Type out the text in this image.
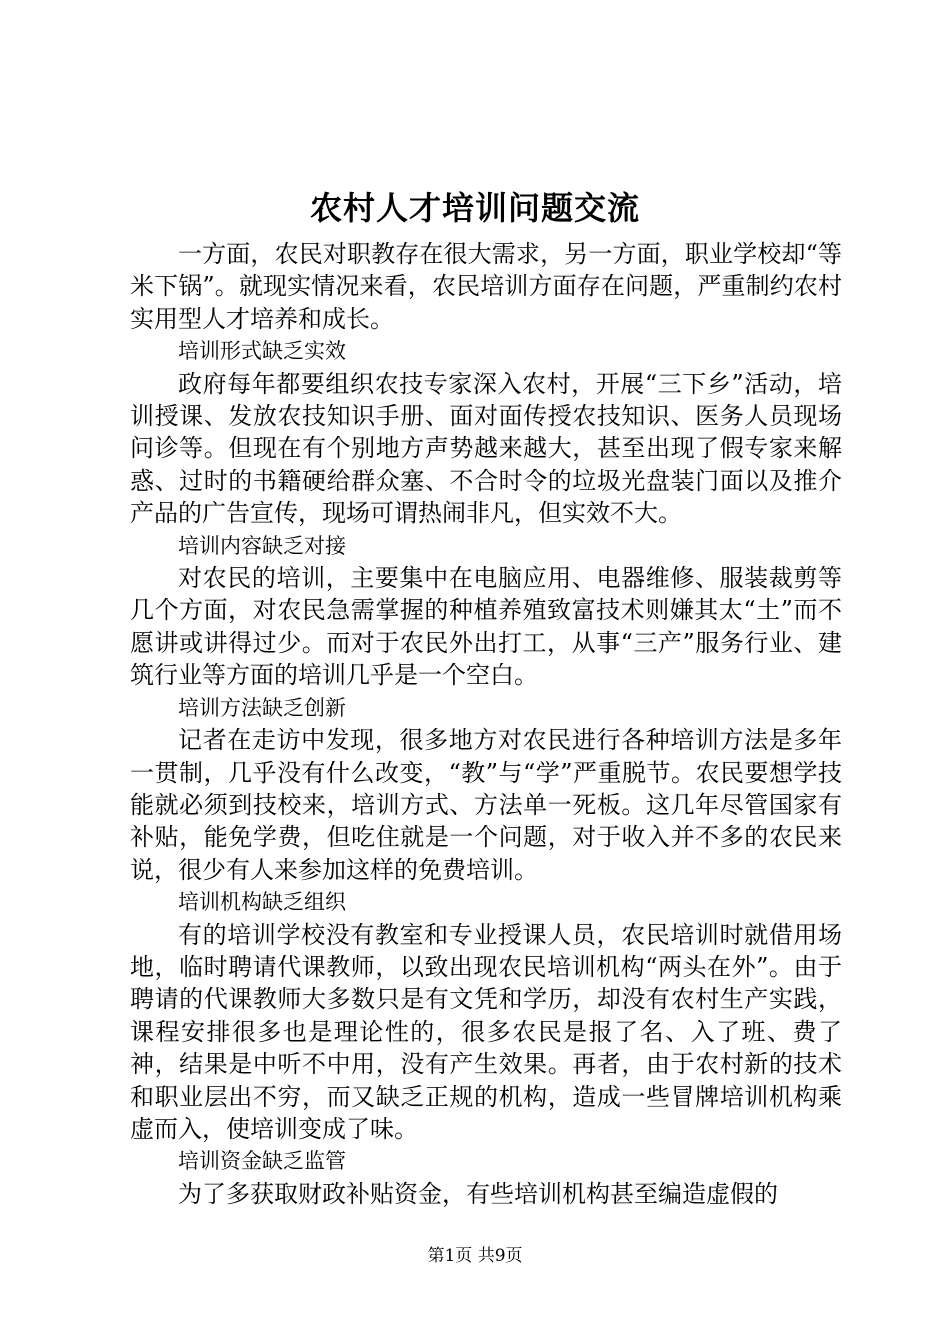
农村人才培训问题交流

一方面，农民对职教存在很大需求，另一方面，职业学校却“等米下锅”。就现实情况来看，农民培训方面存在问题，严重制约农村实用型人才培养和成长。

培训形式缺乏实效

政府每年都要组织农技专家深入农村，开展“三下乡”活动，培训授课、发放农技知识手册、面对面传授农技知识、医务人员现场问诊等。但现在有个别地方声势越来越大，甚至出现了假专家来解惑、过时的书籍硬给群众塞、不合时令的垃圾光盘装门面以及推介产品的广告宣传，现场可谓热闹非凡，但实效不大。

培训内容缺乏对接

对农民的培训，主要集中在电脑应用、电器维修、服装裁剪等几个方面，对农民急需掌握的种植养殖致富技术则嫌其太“土”而不愿讲或讲得过少。而对于农民外出打工，从事“三产”服务行业、建筑行业等方面的培训几乎是一个空白。

培训方法缺乏创新

记者在走访中发现，很多地方对农民进行各种培训方法是多年一贯制，几乎没有什么改变，“教”与“学”严重脱节。农民要想学技能就必须到技校来，培训方式、方法单一死板。这几年尽管国家有补贴，能免学费，但吃住就是一个问题，对于收入并不多的农民来说，很少有人来参加这样的免费培训。

培训机构缺乏组织

有的培训学校没有教室和专业授课人员，农民培训时就借用场地，临时聘请代课教师，以致出现农民培训机构“两头在外”。由于聘请的代课教师大多数只是有文凭和学历，却没有农村生产实践，课程安排很多也是理论性的，很多农民是报了名、入了班、费了神，结果是中听不中用，没有产生效果。再者，由于农村新的技术和职业层出不穷，而又缺乏正规的机构，造成一些冒牌培训机构乘虚而入，使培训变成了味。

培训资金缺乏监管

为了多获取财政补贴资金，有些培训机构甚至编造虚假的

第1页 共9页
